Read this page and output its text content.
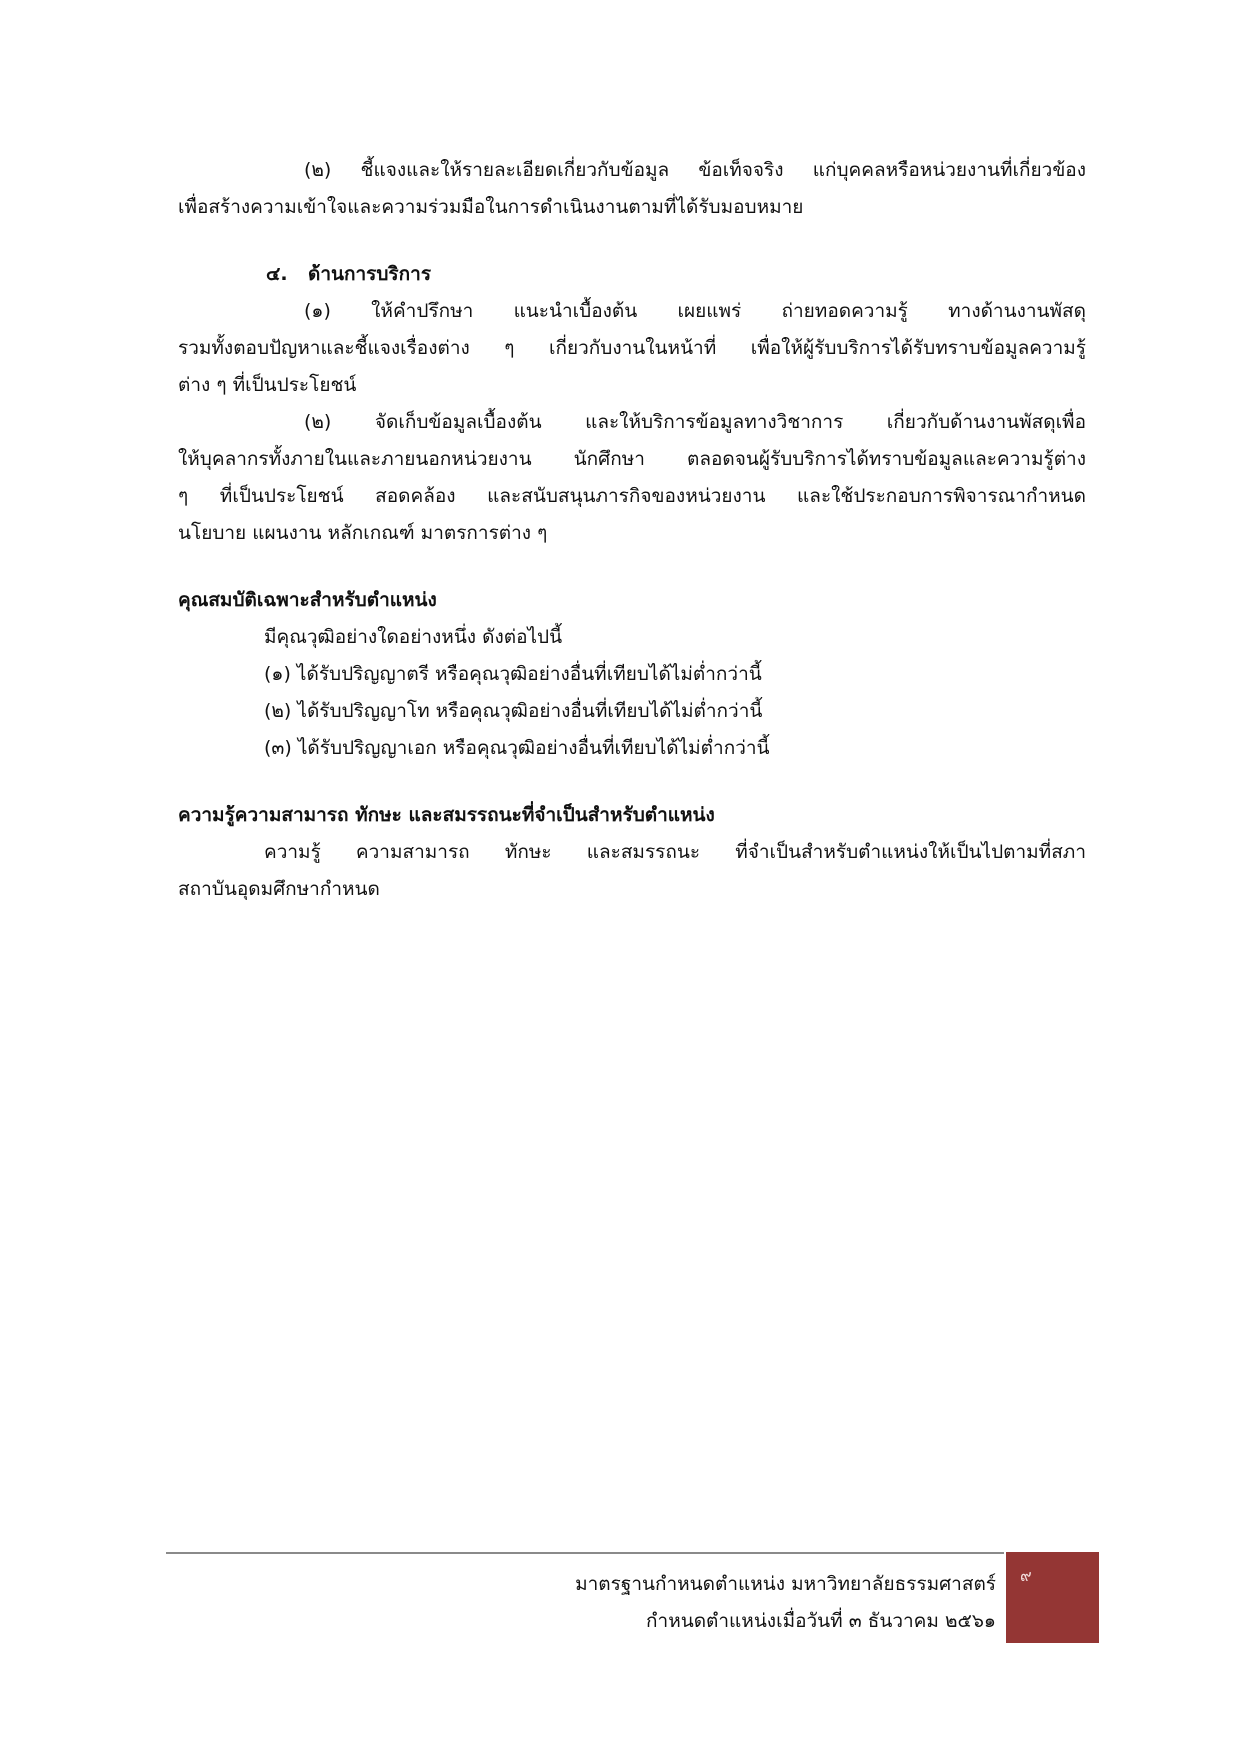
(๒) ชี้แจงและให้รายละเอียดเกี่ยวกับข้อมูล ข้อเท็จจริง แก่บุคคลหรือหน่วยงานที่เกี่ยวข้อง

เพื่อสร้างความเข้าใจและความร่วมมือในการดำเนินงานตามที่ได้รับมอบหมาย

๔. ด้านการบริการ

(๑) ให้คำปรึกษา แนะนำเบื้องต้น เผยแพร่ ถ่ายทอดความรู้ ทางด้านงานพัสดุ

รวมทั้งตอบปัญหาและชี้แจงเรื่องต่าง ๆ เกี่ยวกับงานในหน้าที่ เพื่อให้ผู้รับบริการได้รับทราบข้อมูลความรู้

ต่าง ๆ ที่เป็นประโยชน์

(๒) จัดเก็บข้อมูลเบื้องต้น และให้บริการข้อมูลทางวิชาการ เกี่ยวกับด้านงานพัสดุเพื่อ

ให้บุคลากรทั้งภายในและภายนอกหน่วยงาน นักศึกษา ตลอดจนผู้รับบริการได้ทราบข้อมูลและความรู้ต่าง

ๆ ที่เป็นประโยชน์ สอดคล้อง และสนับสนุนภารกิจของหน่วยงาน และใช้ประกอบการพิจารณากำหนด

นโยบาย แผนงาน หลักเกณฑ์ มาตรการต่าง ๆ

คุณสมบัติเฉพาะสำหรับตำแหน่ง

มีคุณวุฒิอย่างใดอย่างหนึ่ง ดังต่อไปนี้

(๑) ได้รับปริญญาตรี หรือคุณวุฒิอย่างอื่นที่เทียบได้ไม่ต่ำกว่านี้

(๒) ได้รับปริญญาโท หรือคุณวุฒิอย่างอื่นที่เทียบได้ไม่ต่ำกว่านี้

(๓) ได้รับปริญญาเอก หรือคุณวุฒิอย่างอื่นที่เทียบได้ไม่ต่ำกว่านี้

ความรู้ความสามารถ ทักษะ และสมรรถนะที่จำเป็นสำหรับตำแหน่ง

ความรู้ ความสามารถ ทักษะ และสมรรถนะ ที่จำเป็นสำหรับตำแหน่งให้เป็นไปตามที่สภา

สถาบันอุดมศึกษากำหนด

มาตรฐานกำหนดตำแหน่ง มหาวิทยาลัยธรรมศาสตร์
กำหนดตำแหน่งเมื่อวันที่ ๓ ธันวาคม ๒๕๖๑
๙
